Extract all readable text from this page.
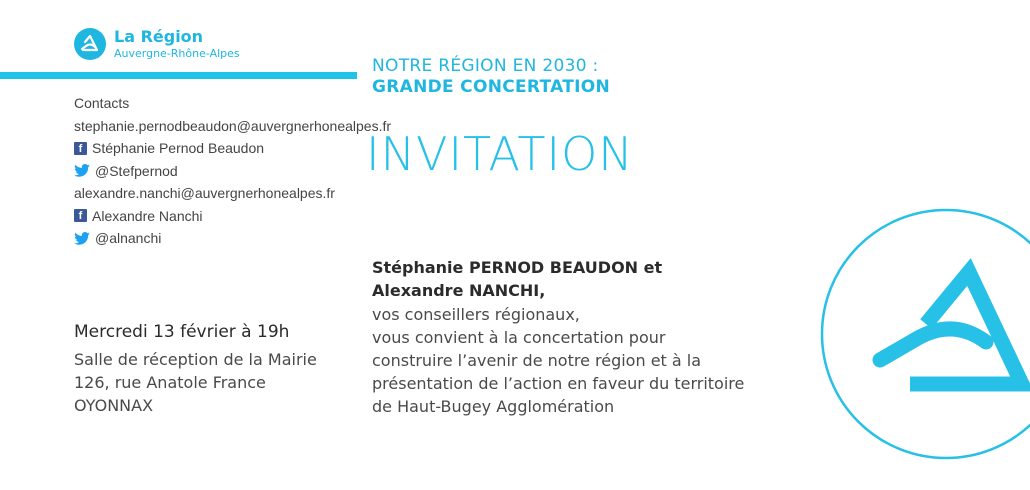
La Région
Auvergne-Rhône-Alpes
NOTRE RÉGION EN 2030 :
GRANDE CONCERTATION
INVITATION
Contacts
stephanie.pernodbeaudon@auvergnerhonealpes.fr
f Stéphanie Pernod Beaudon
@Stefpernod
alexandre.nanchi@auvergnerhonealpes.fr
f Alexandre Nanchi
@alnanchi
Mercredi 13 février à 19h
Salle de réception de la Mairie
126, rue Anatole France
OYONNAX
Stéphanie PERNOD BEAUDON et
Alexandre NANCHI,
vos conseillers régionaux,
vous convient à la concertation pour
construire l’avenir de notre région et à la
présentation de l’action en faveur du territoire
de Haut-Bugey Agglomération
